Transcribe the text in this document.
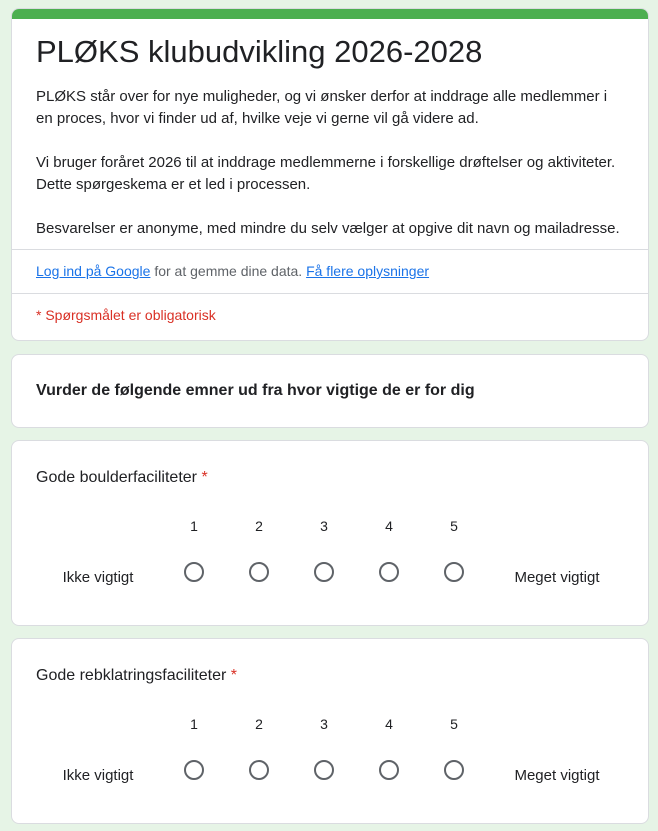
PLØKS klubudvikling 2026-2028

PLØKS står over for nye muligheder, og vi ønsker derfor at inddrage alle medlemmer i en proces, hvor vi finder ud af, hvilke veje vi gerne vil gå videre ad.

Vi bruger foråret 2026 til at inddrage medlemmerne i forskellige drøftelser og aktiviteter. Dette spørgeskema er et led i processen.

Besvarelser er anonyme, med mindre du selv vælger at opgive dit navn og mailadresse.

Log ind på Google for at gemme dine data. Få flere oplysninger
* Spørgsmålet er obligatorisk
Vurder de følgende emner ud fra hvor vigtige de er for dig
Gode boulderfaciliteter *
1	2	3	4	5
Ikke vigtigt	Meget vigtigt
Gode rebklatringsfaciliteter *
1	2	3	4	5
Ikke vigtigt	Meget vigtigt
